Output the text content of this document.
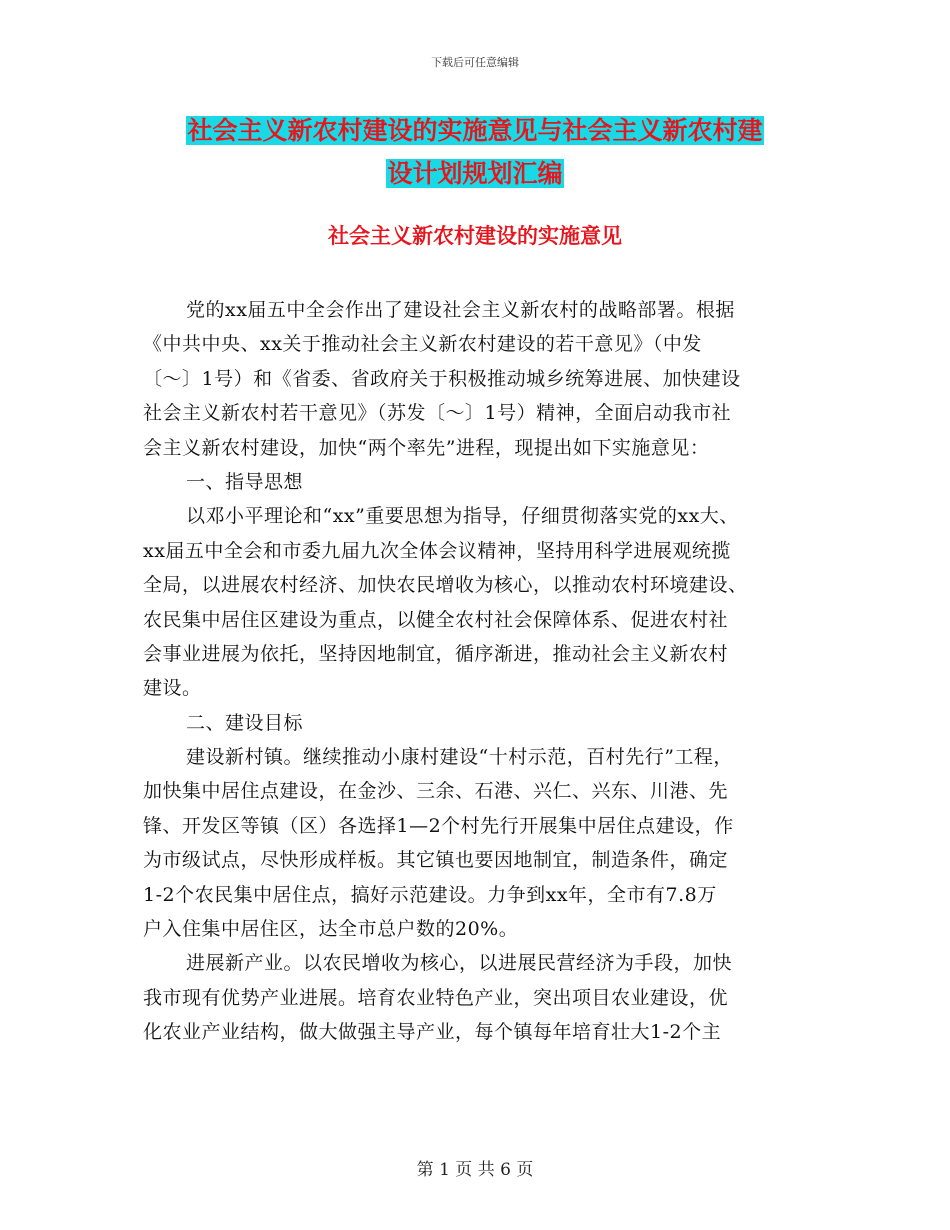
下载后可任意编辑
社会主义新农村建设的实施意见与社会主义新农村建
设计划规划汇编
社会主义新农村建设的实施意见
党的xx届五中全会作出了建设社会主义新农村的战略部署。根据
《中共中央、xx关于推动社会主义新农村建设的若干意见》（中发
〔～〕1号）和《省委、省政府关于积极推动城乡统筹进展、加快建设
社会主义新农村若干意见》（苏发〔～〕1号）精神，全面启动我市社
会主义新农村建设，加快“两个率先”进程，现提出如下实施意见：
一、指导思想
以邓小平理论和“xx”重要思想为指导，仔细贯彻落实党的xx大、
xx届五中全会和市委九届九次全体会议精神，坚持用科学进展观统揽
全局，以进展农村经济、加快农民增收为核心，以推动农村环境建设、
农民集中居住区建设为重点，以健全农村社会保障体系、促进农村社
会事业进展为依托，坚持因地制宜，循序渐进，推动社会主义新农村
建设。
二、建设目标
建设新村镇。继续推动小康村建设“十村示范，百村先行”工程，
加快集中居住点建设，在金沙、三余、石港、兴仁、兴东、川港、先
锋、开发区等镇（区）各选择1—2个村先行开展集中居住点建设，作
为市级试点，尽快形成样板。其它镇也要因地制宜，制造条件，确定
1-2个农民集中居住点，搞好示范建设。力争到xx年，全市有7.8万
户入住集中居住区，达全市总户数的20%。
进展新产业。以农民增收为核心，以进展民营经济为手段，加快
我市现有优势产业进展。培育农业特色产业，突出项目农业建设，优
化农业产业结构，做大做强主导产业，每个镇每年培育壮大1-2个主
第 1 页 共 6 页
